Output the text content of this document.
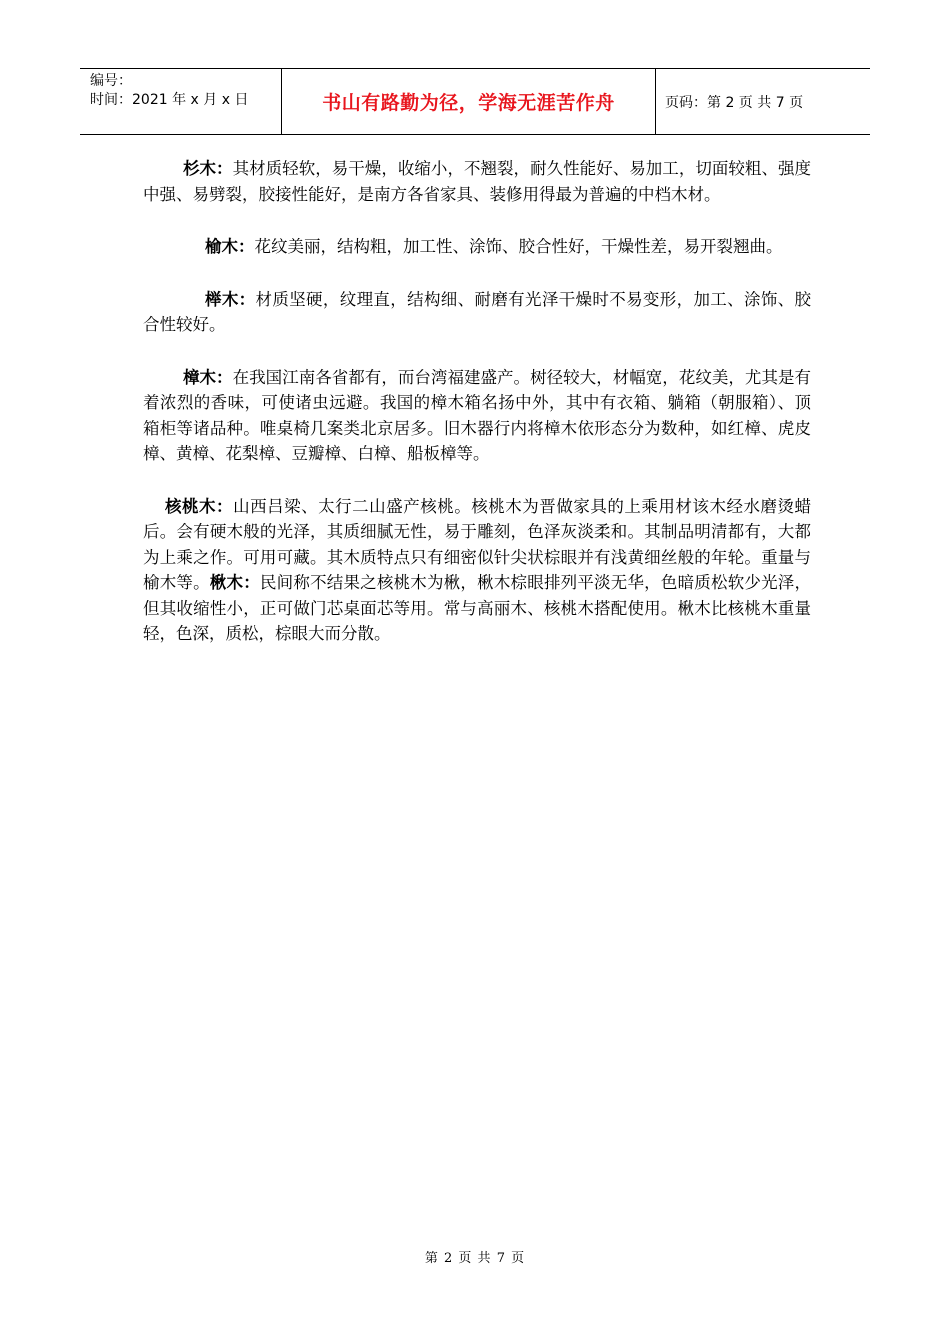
编号：
时间：2021 年 x 月 x 日	书山有路勤为径，学海无涯苦作舟	页码：第 2 页 共 7 页

杉木：其材质轻软，易干燥，收缩小，不翘裂，耐久性能好、易加工，切面较粗、强度中强、易劈裂，胶接性能好，是南方各省家具、装修用得最为普遍的中档木材。

榆木：花纹美丽，结构粗，加工性、涂饰、胶合性好，干燥性差，易开裂翘曲。

榉木：材质坚硬，纹理直，结构细、耐磨有光泽干燥时不易变形，加工、涂饰、胶合性较好。

樟木：在我国江南各省都有，而台湾福建盛产。树径较大，材幅宽，花纹美，尤其是有着浓烈的香味，可使诸虫远避。我国的樟木箱名扬中外，其中有衣箱、躺箱（朝服箱）、顶箱柜等诸品种。唯桌椅几案类北京居多。旧木器行内将樟木依形态分为数种，如红樟、虎皮樟、黄樟、花梨樟、豆瓣樟、白樟、船板樟等。

核桃木：山西吕梁、太行二山盛产核桃。核桃木为晋做家具的上乘用材该木经水磨烫蜡后。会有硬木般的光泽，其质细腻无性，易于雕刻，色泽灰淡柔和。其制品明清都有，大都为上乘之作。可用可藏。其木质特点只有细密似针尖状棕眼并有浅黄细丝般的年轮。重量与榆木等。楸木：民间称不结果之核桃木为楸，楸木棕眼排列平淡无华，色暗质松软少光泽，但其收缩性小，正可做门芯桌面芯等用。常与高丽木、核桃木搭配使用。楸木比核桃木重量轻，色深，质松，棕眼大而分散。

第 2 页 共 7 页
